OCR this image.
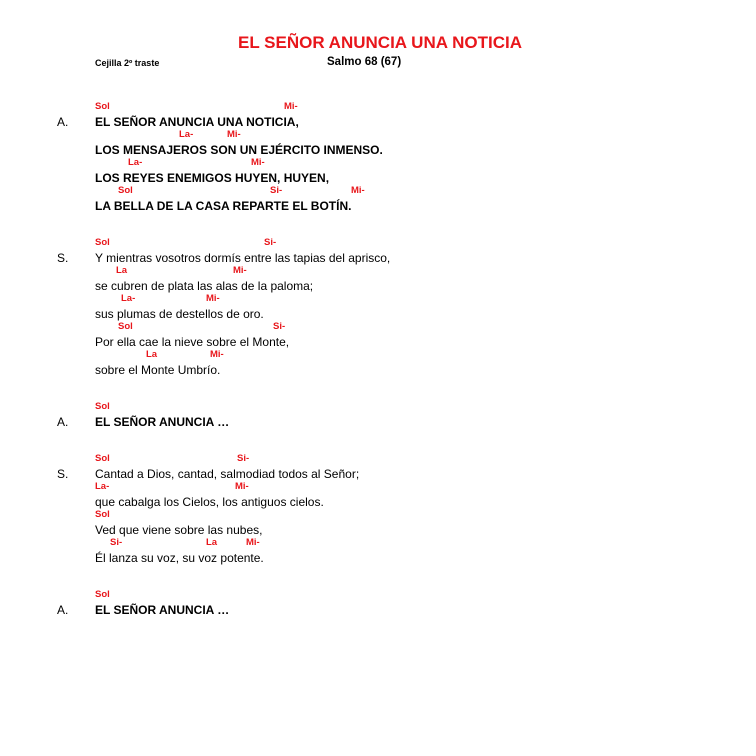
EL SEÑOR ANUNCIA UNA NOTICIA
Cejilla 2º traste	Salmo 68 (67)
Sol	Mi-
A. EL SEÑOR ANUNCIA UNA NOTICIA,
La-	Mi-
LOS MENSAJEROS SON UN EJÉRCITO INMENSO.
La-	Mi-
LOS REYES ENEMIGOS HUYEN, HUYEN,
Sol	Si-	Mi-
LA BELLA DE LA CASA REPARTE EL BOTÍN.
Sol	Si-
S. Y mientras vosotros dormís entre las tapias del aprisco,
La	Mi-
se cubren de plata las alas de la paloma;
La-	Mi-
sus plumas de destellos de oro.
Sol	Si-
Por ella cae la nieve sobre el Monte,
La	Mi-
sobre el Monte Umbrío.
Sol
A. EL SEÑOR ANUNCIA …
Sol	Si-
S. Cantad a Dios, cantad, salmodiad todos al Señor;
La-	Mi-
que cabalga los Cielos, los antiguos cielos.
Sol
Ved que viene sobre las nubes,
Si-	La	Mi-
Él lanza su voz, su voz potente.
Sol
A. EL SEÑOR ANUNCIA …
